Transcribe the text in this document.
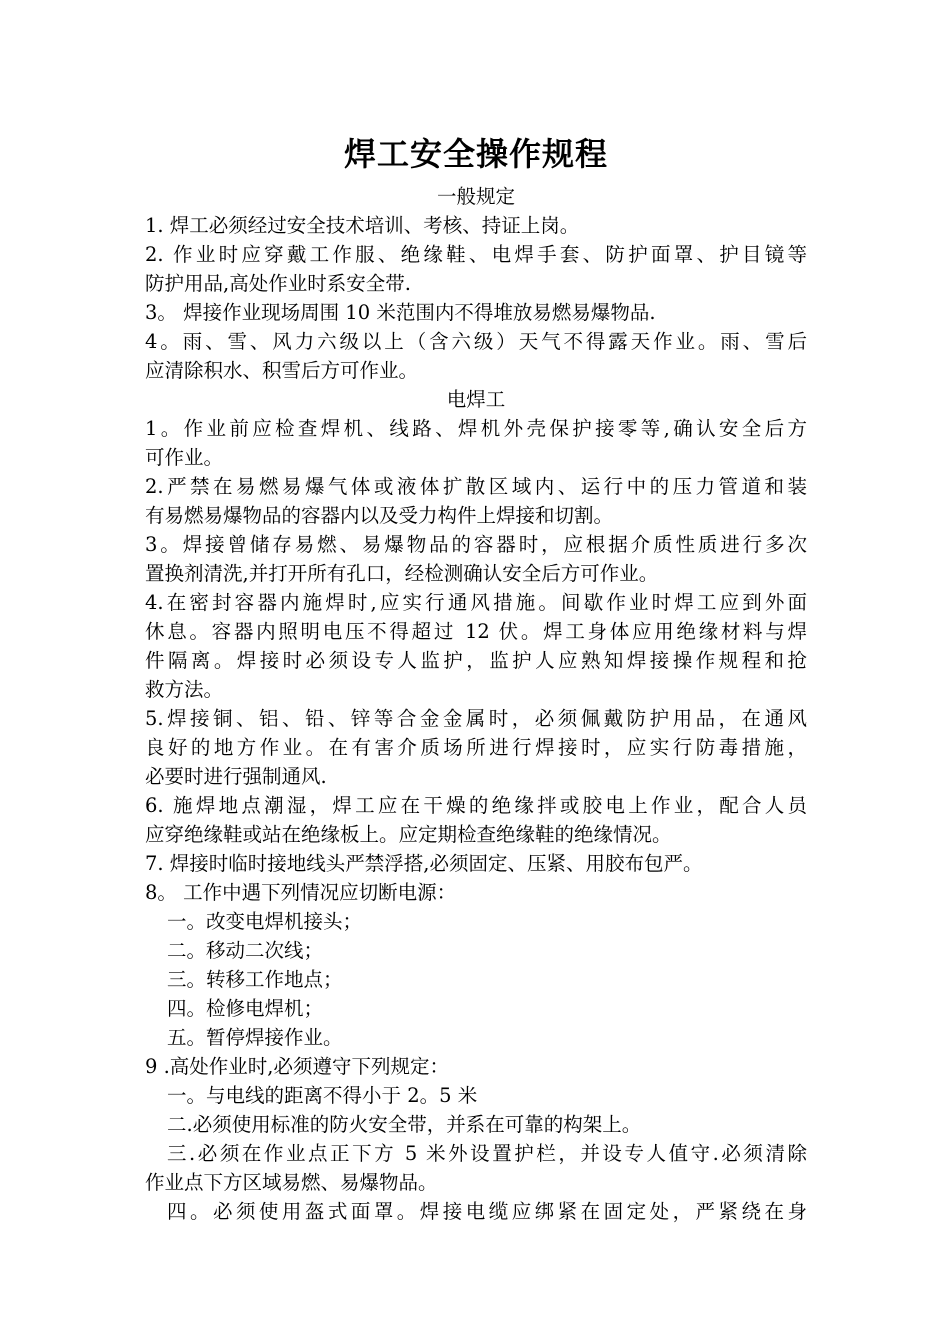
焊工安全操作规程
一般规定
1. 焊工必须经过安全技术培训、考核、持证上岗。
2. 作业时应穿戴工作服、绝缘鞋、电焊手套、防护面罩、护目镜等
防护用品,高处作业时系安全带.
3。 焊接作业现场周围 10 米范围内不得堆放易燃易爆物品.
4。雨、雪、风力六级以上（含六级）天气不得露天作业。雨、雪后
应清除积水、积雪后方可作业。
电焊工
1。作业前应检查焊机、线路、焊机外壳保护接零等,确认安全后方
可作业。
2.严禁在易燃易爆气体或液体扩散区域内、运行中的压力管道和装
有易燃易爆物品的容器内以及受力构件上焊接和切割。
3。焊接曾储存易燃、易爆物品的容器时，应根据介质性质进行多次
置换剂清洗,并打开所有孔口，经检测确认安全后方可作业。
4.在密封容器内施焊时,应实行通风措施。间歇作业时焊工应到外面
休息。容器内照明电压不得超过 12 伏。焊工身体应用绝缘材料与焊
件隔离。焊接时必须设专人监护，监护人应熟知焊接操作规程和抢
救方法。
5.焊接铜、铝、铅、锌等合金金属时，必须佩戴防护用品，在通风
良好的地方作业。在有害介质场所进行焊接时，应实行防毒措施，
必要时进行强制通风.
6. 施焊地点潮湿，焊工应在干燥的绝缘拌或胶电上作业，配合人员
应穿绝缘鞋或站在绝缘板上。应定期检查绝缘鞋的绝缘情况。
7. 焊接时临时接地线头严禁浮搭,必须固定、压紧、用胶布包严。
8。 工作中遇下列情况应切断电源：
一。改变电焊机接头；
二。移动二次线；
三。转移工作地点；
四。检修电焊机；
五。暂停焊接作业。
9 .高处作业时,必须遵守下列规定：
一。与电线的距离不得小于 2。5 米
二.必须使用标准的防火安全带，并系在可靠的构架上。
三.必须在作业点正下方 5 米外设置护栏，并设专人值守.必须清除
作业点下方区域易燃、易爆物品。
四。必须使用盔式面罩。焊接电缆应绑紧在固定处，严紧绕在身
